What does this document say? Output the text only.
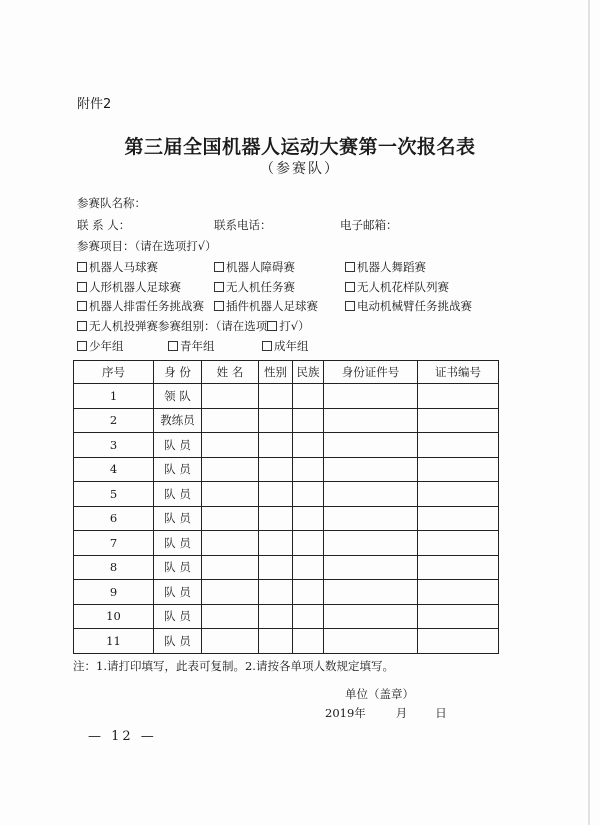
附件2
第三届全国机器人运动大赛第一次报名表
（参赛队）
参赛队名称：
联 系 人：	联系电话：	电子邮箱：
参赛项目：（请在选项打√）
机器人马球赛	机器人障碍赛	机器人舞蹈赛
人形机器人足球赛	无人机任务赛	无人机花样队列赛
机器人排雷任务挑战赛	插件机器人足球赛	电动机械臂任务挑战赛
无人机投弹赛参赛组别：（请在选项 打√）
少年组	青年组	成年组
序号	身 份	姓 名	性别	民族	身份证件号	证书编号
1	领 队					
2	教练员					
3	队 员					
4	队 员					
5	队 员					
6	队 员					
7	队 员					
8	队 员					
9	队 员					
10	队 员					
11	队 员					
注：1.请打印填写，此表可复制。2.请按各单项人数规定填写。
单位（盖章）
2019年	月 日
— 12 —
